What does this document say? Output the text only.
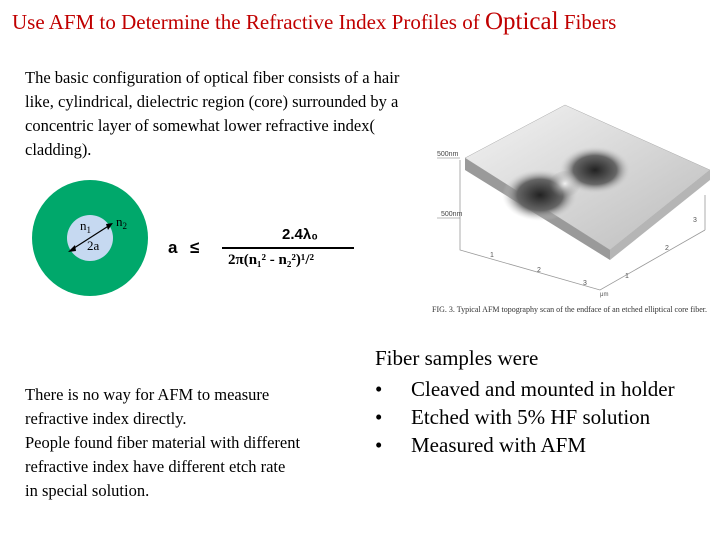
Use AFM to Determine the Refractive Index Profiles of Optical Fibers
The basic configuration of optical fiber consists of a hair like, cylindrical, dielectric region (core) surrounded by a concentric layer of somewhat lower refractive index( cladding).
$n_1$
$n_2$
2a	a ≤
2.4λ₀
2π(n₁² - n₂²)¹/²
500nm
500nm
1
2
3
1
2
3
μm
FIG. 3. Typical AFM topography scan of the endface of an etched elliptical core fiber.
Fiber samples were
• Cleaved and mounted in holder
• Etched with 5% HF solution
• Measured with AFM
There is no way for AFM to measure
refractive index directly.
People found fiber material with different
refractive index have different etch rate
in special solution.
